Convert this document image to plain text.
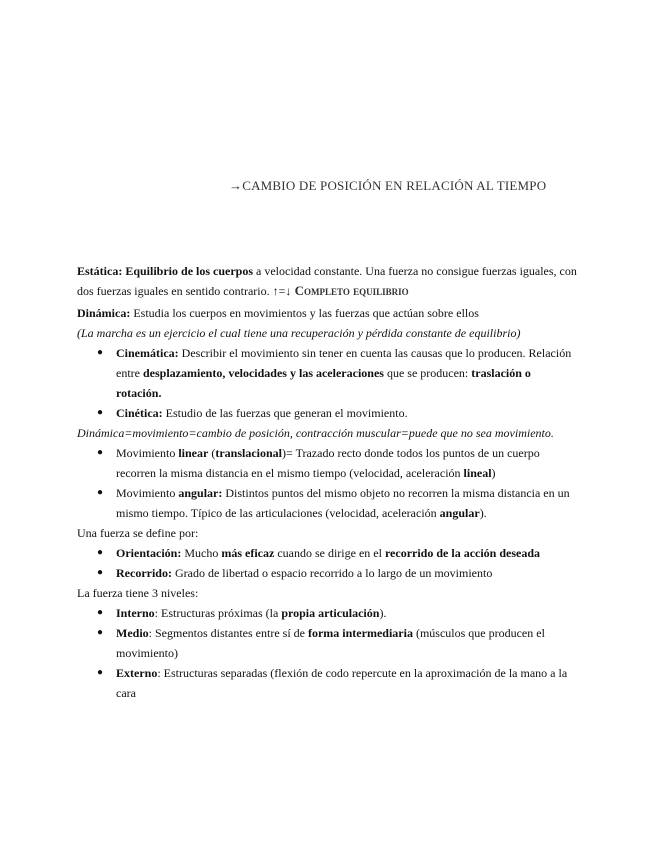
→CAMBIO DE POSICIÓN EN RELACIÓN AL TIEMPO

Estática: Equilibrio de los cuerpos a velocidad constante. Una fuerza no consigue fuerzas iguales, con dos fuerzas iguales en sentido contrario. ↑=↓ Completo equilibrio

Dinámica: Estudia los cuerpos en movimientos y las fuerzas que actúan sobre ellos

(La marcha es un ejercicio el cual tiene una recuperación y pérdida constante de equilibrio)

● Cinemática: Describir el movimiento sin tener en cuenta las causas que lo producen. Relación entre desplazamiento, velocidades y las aceleraciones que se producen: traslación o rotación.
● Cinética: Estudio de las fuerzas que generan el movimiento.

Dinámica=movimiento=cambio de posición, contracción muscular=puede que no sea movimiento.

● Movimiento linear (translacional)= Trazado recto donde todos los puntos de un cuerpo recorren la misma distancia en el mismo tiempo (velocidad, aceleración lineal)
● Movimiento angular: Distintos puntos del mismo objeto no recorren la misma distancia en un mismo tiempo. Típico de las articulaciones (velocidad, aceleración angular).

Una fuerza se define por:

● Orientación: Mucho más eficaz cuando se dirige en el recorrido de la acción deseada
● Recorrido: Grado de libertad o espacio recorrido a lo largo de un movimiento

La fuerza tiene 3 niveles:

● Interno: Estructuras próximas (la propia articulación).
● Medio: Segmentos distantes entre sí de forma intermediaria (músculos que producen el movimiento)
● Externo: Estructuras separadas (flexión de codo repercute en la aproximación de la mano a la cara
